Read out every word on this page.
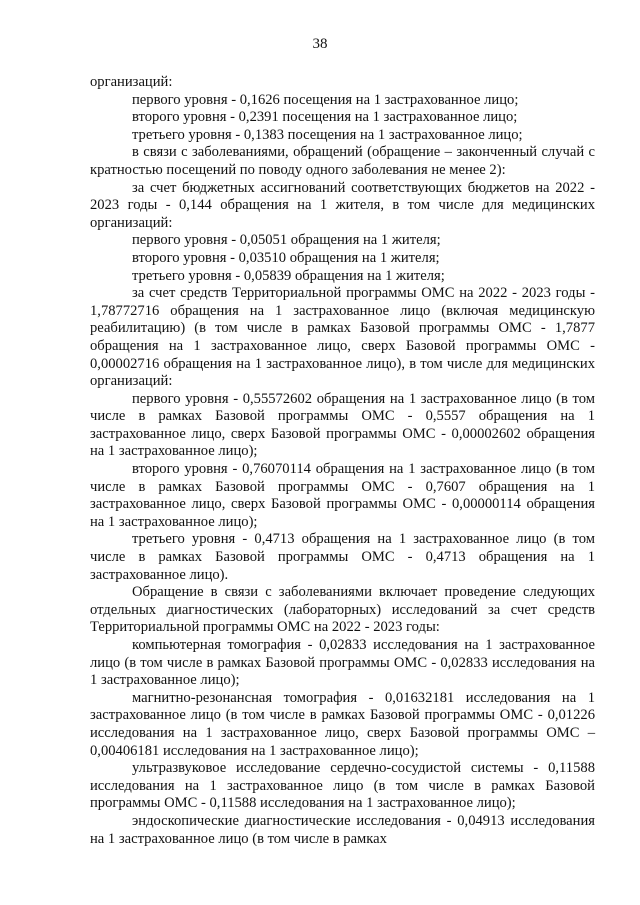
38

организаций:

первого уровня - 0,1626 посещения на 1 застрахованное лицо;

второго уровня - 0,2391 посещения на 1 застрахованное лицо;

третьего уровня - 0,1383 посещения на 1 застрахованное лицо;

в связи с заболеваниями, обращений (обращение – законченный случай с кратностью посещений по поводу одного заболевания не менее 2):

за счет бюджетных ассигнований соответствующих бюджетов на 2022 - 2023 годы - 0,144 обращения на 1 жителя, в том числе для медицинских организаций:

первого уровня - 0,05051 обращения на 1 жителя;

второго уровня - 0,03510 обращения на 1 жителя;

третьего уровня - 0,05839 обращения на 1 жителя;

за счет средств Территориальной программы ОМС на 2022 - 2023 годы - 1,78772716 обращения на 1 застрахованное лицо (включая медицинскую реабилитацию) (в том числе в рамках Базовой программы ОМС - 1,7877 обращения на 1 застрахованное лицо, сверх Базовой программы ОМС - 0,00002716 обращения на 1 застрахованное лицо), в том числе для медицинских организаций:

первого уровня - 0,55572602 обращения на 1 застрахованное лицо (в том числе в рамках Базовой программы ОМС - 0,5557 обращения на 1 застрахованное лицо, сверх Базовой программы ОМС - 0,00002602 обращения на 1 застрахованное лицо);

второго уровня - 0,76070114 обращения на 1 застрахованное лицо (в том числе в рамках Базовой программы ОМС - 0,7607 обращения на 1 застрахованное лицо, сверх Базовой программы ОМС - 0,00000114 обращения на 1 застрахованное лицо);

третьего уровня - 0,4713 обращения на 1 застрахованное лицо (в том числе в рамках Базовой программы ОМС - 0,4713 обращения на 1 застрахованное лицо).

Обращение в связи с заболеваниями включает проведение следующих отдельных диагностических (лабораторных) исследований за счет средств Территориальной программы ОМС на 2022 - 2023 годы:

компьютерная томография - 0,02833 исследования на 1 застрахованное лицо (в том числе в рамках Базовой программы ОМС - 0,02833 исследования на 1 застрахованное лицо);

магнитно-резонансная томография - 0,01632181 исследования на 1 застрахованное лицо (в том числе в рамках Базовой программы ОМС - 0,01226 исследования на 1 застрахованное лицо, сверх Базовой программы ОМС – 0,00406181 исследования на 1 застрахованное лицо);

ультразвуковое исследование сердечно-сосудистой системы - 0,11588 исследования на 1 застрахованное лицо (в том числе в рамках Базовой программы ОМС - 0,11588 исследования на 1 застрахованное лицо);

эндоскопические диагностические исследования - 0,04913 исследования на 1 застрахованное лицо (в том числе в рамках
